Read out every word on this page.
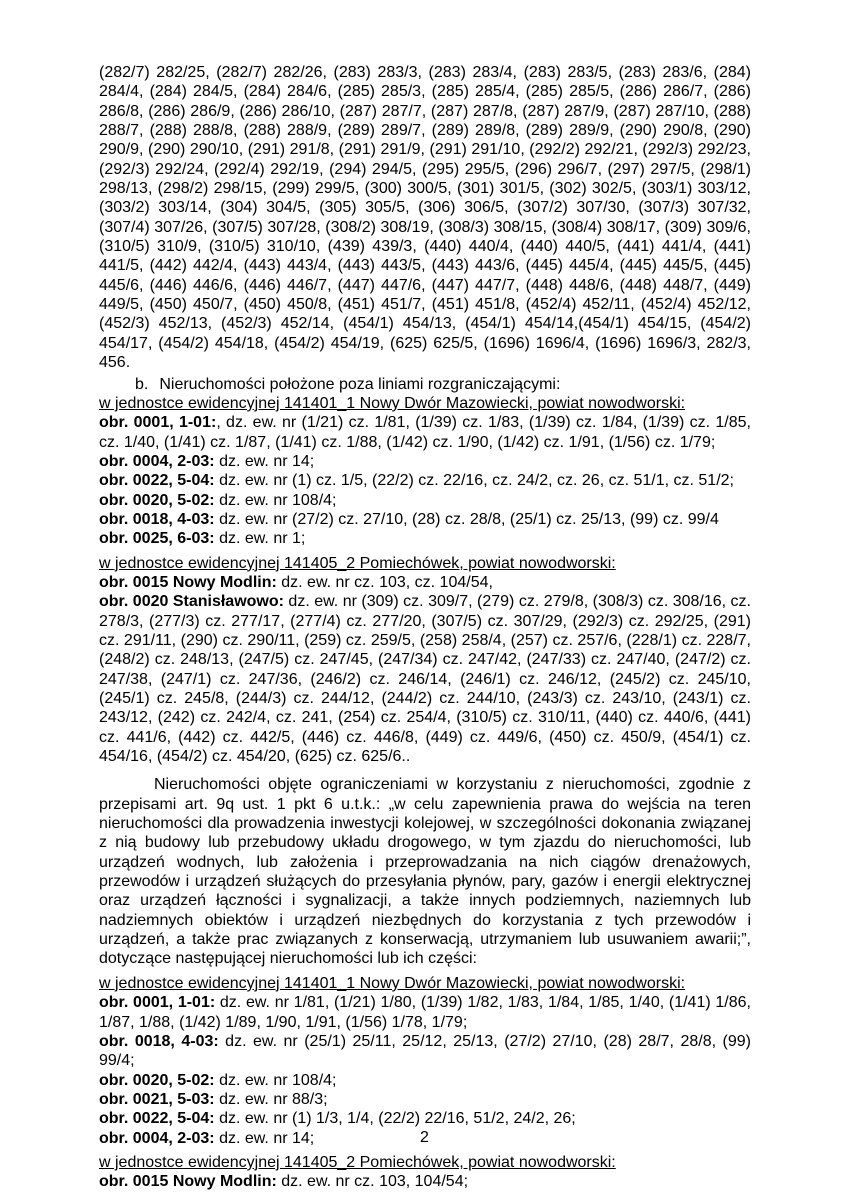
(282/7) 282/25, (282/7) 282/26, (283) 283/3, (283) 283/4, (283) 283/5, (283) 283/6, (284) 284/4, (284) 284/5, (284) 284/6, (285) 285/3, (285) 285/4, (285) 285/5, (286) 286/7, (286) 286/8, (286) 286/9, (286) 286/10, (287) 287/7, (287) 287/8, (287) 287/9, (287) 287/10, (288) 288/7, (288) 288/8, (288) 288/9, (289) 289/7, (289) 289/8, (289) 289/9, (290) 290/8, (290) 290/9, (290) 290/10, (291) 291/8, (291) 291/9, (291) 291/10, (292/2) 292/21, (292/3) 292/23, (292/3) 292/24, (292/4) 292/19, (294) 294/5, (295) 295/5, (296) 296/7, (297) 297/5, (298/1) 298/13, (298/2) 298/15, (299) 299/5, (300) 300/5, (301) 301/5, (302) 302/5, (303/1) 303/12, (303/2) 303/14, (304) 304/5, (305) 305/5, (306) 306/5, (307/2) 307/30, (307/3) 307/32, (307/4) 307/26, (307/5) 307/28, (308/2) 308/19, (308/3) 308/15, (308/4) 308/17, (309) 309/6, (310/5) 310/9, (310/5) 310/10, (439) 439/3, (440) 440/4, (440) 440/5, (441) 441/4, (441) 441/5, (442) 442/4, (443) 443/4, (443) 443/5, (443) 443/6, (445) 445/4, (445) 445/5, (445) 445/6, (446) 446/6, (446) 446/7, (447) 447/6, (447) 447/7, (448) 448/6, (448) 448/7, (449) 449/5, (450) 450/7, (450) 450/8, (451) 451/7, (451) 451/8, (452/4) 452/11, (452/4) 452/12, (452/3) 452/13, (452/3) 452/14, (454/1) 454/13, (454/1) 454/14,(454/1) 454/15, (454/2) 454/17, (454/2) 454/18, (454/2) 454/19, (625) 625/5, (1696) 1696/4, (1696) 1696/3, 282/3, 456.

b. Nieruchomości położone poza liniami rozgraniczającymi:

w jednostce ewidencyjnej 141401_1 Nowy Dwór Mazowiecki, powiat nowodworski:

obr. 0001, 1-01:, dz. ew. nr (1/21) cz. 1/81, (1/39) cz. 1/83, (1/39) cz. 1/84, (1/39) cz. 1/85, cz. 1/40, (1/41) cz. 1/87, (1/41) cz. 1/88, (1/42) cz. 1/90, (1/42) cz. 1/91, (1/56) cz. 1/79;

obr. 0004, 2-03: dz. ew. nr 14;

obr. 0022, 5-04: dz. ew. nr (1) cz. 1/5, (22/2) cz. 22/16, cz. 24/2, cz. 26, cz. 51/1, cz. 51/2;

obr. 0020, 5-02: dz. ew. nr 108/4;

obr. 0018, 4-03: dz. ew. nr (27/2) cz. 27/10, (28) cz. 28/8, (25/1) cz. 25/13, (99) cz. 99/4

obr. 0025, 6-03: dz. ew. nr 1;

w jednostce ewidencyjnej 141405_2 Pomiechówek, powiat nowodworski:

obr. 0015 Nowy Modlin: dz. ew. nr cz. 103, cz. 104/54,

obr. 0020 Stanisławowo: dz. ew. nr (309) cz. 309/7, (279) cz. 279/8, (308/3) cz. 308/16, cz. 278/3, (277/3) cz. 277/17, (277/4) cz. 277/20, (307/5) cz. 307/29, (292/3) cz. 292/25, (291) cz. 291/11, (290) cz. 290/11, (259) cz. 259/5, (258) 258/4, (257) cz. 257/6, (228/1) cz. 228/7, (248/2) cz. 248/13, (247/5) cz. 247/45, (247/34) cz. 247/42, (247/33) cz. 247/40, (247/2) cz. 247/38, (247/1) cz. 247/36, (246/2) cz. 246/14, (246/1) cz. 246/12, (245/2) cz. 245/10, (245/1) cz. 245/8, (244/3) cz. 244/12, (244/2) cz. 244/10, (243/3) cz. 243/10, (243/1) cz. 243/12, (242) cz. 242/4, cz. 241, (254) cz. 254/4, (310/5) cz. 310/11, (440) cz. 440/6, (441) cz. 441/6, (442) cz. 442/5, (446) cz. 446/8, (449) cz. 449/6, (450) cz. 450/9, (454/1) cz. 454/16, (454/2) cz. 454/20, (625) cz. 625/6..

Nieruchomości objęte ograniczeniami w korzystaniu z nieruchomości, zgodnie z przepisami art. 9q ust. 1 pkt 6 u.t.k.: „w celu zapewnienia prawa do wejścia na teren nieruchomości dla prowadzenia inwestycji kolejowej, w szczególności dokonania związanej z nią budowy lub przebudowy układu drogowego, w tym zjazdu do nieruchomości, lub urządzeń wodnych, lub założenia i przeprowadzania na nich ciągów drenażowych, przewodów i urządzeń służących do przesyłania płynów, pary, gazów i energii elektrycznej oraz urządzeń łączności i sygnalizacji, a także innych podziemnych, naziemnych lub nadziemnych obiektów i urządzeń niezbędnych do korzystania z tych przewodów i urządzeń, a także prac związanych z konserwacją, utrzymaniem lub usuwaniem awarii;”, dotyczące następującej nieruchomości lub ich części:

w jednostce ewidencyjnej 141401_1 Nowy Dwór Mazowiecki, powiat nowodworski:

obr. 0001, 1-01: dz. ew. nr 1/81, (1/21) 1/80, (1/39) 1/82, 1/83, 1/84, 1/85, 1/40, (1/41) 1/86, 1/87, 1/88, (1/42) 1/89, 1/90, 1/91, (1/56) 1/78, 1/79;

obr. 0018, 4-03: dz. ew. nr (25/1) 25/11, 25/12, 25/13, (27/2) 27/10, (28) 28/7, 28/8, (99) 99/4;

obr. 0020, 5-02: dz. ew. nr 108/4;

obr. 0021, 5-03: dz. ew. nr 88/3;

obr. 0022, 5-04: dz. ew. nr (1) 1/3, 1/4, (22/2) 22/16, 51/2, 24/2, 26;

obr. 0004, 2-03: dz. ew. nr 14;

w jednostce ewidencyjnej 141405_2 Pomiechówek, powiat nowodworski:

obr. 0015 Nowy Modlin: dz. ew. nr cz. 103, 104/54;

2
